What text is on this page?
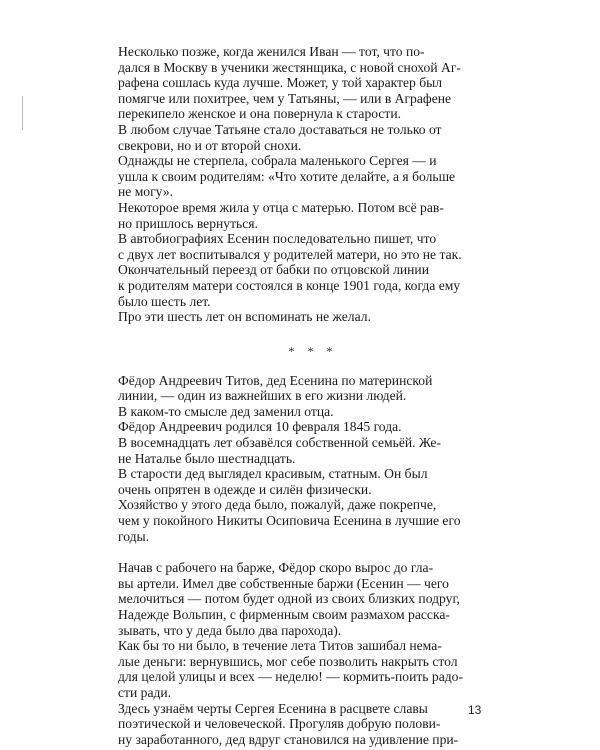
Несколько позже, когда женился Иван — тот, что по-
дался в Москву в ученики жестянщика, с новой снохой Аг-
рафена сошлась куда лучше. Может, у той характер был
помягче или похитрее, чем у Татьяны, — или в Аграфене
перекипело женское и она повернула к старости.

В любом случае Татьяне стало доставаться не только от
свекрови, но и от второй снохи.

Однажды не стерпела, собрала маленького Сергея — и
ушла к своим родителям: «Что хотите делайте, а я больше
не могу».

Некоторое время жила у отца с матерью. Потом всё рав-
но пришлось вернуться.

В автобиографиях Есенин последовательно пишет, что
с двух лет воспитывался у родителей матери, но это не так.

Окончательный переезд от бабки по отцовской линии
к родителям матери состоялся в конце 1901 года, когда ему
было шесть лет.

Про эти шесть лет он вспоминать не желал.

* * *

Фёдор Андреевич Титов, дед Есенина по материнской
линии, — один из важнейших в его жизни людей.

В каком-то смысле дед заменил отца.

Фёдор Андреевич родился 10 февраля 1845 года.

В восемнадцать лет обзавёлся собственной семьёй. Же-
не Наталье было шестнадцать.

В старости дед выглядел красивым, статным. Он был
очень опрятен в одежде и силён физически.

Хозяйство у этого деда было, пожалуй, даже покрепче,
чем у покойного Никиты Осиповича Есенина в лучшие его
годы.

Начав с рабочего на барже, Фёдор скоро вырос до гла-
вы артели. Имел две собственные баржи (Есенин — чего
мелочиться — потом будет одной из своих близких подруг,
Надежде Вольпин, с фирменным своим размахом расска-
зывать, что у деда было два парохода).

Как бы то ни было, в течение лета Титов зашибал нема-
лые деньги: вернувшись, мог себе позволить накрыть стол
для целой улицы и всех — неделю! — кормить-поить радо-
сти ради.

Здесь узнаём черты Сергея Есенина в расцвете славы
поэтической и человеческой. Прогуляв добрую полови-
ну заработанного, дед вдруг становился на удивление при-

13
